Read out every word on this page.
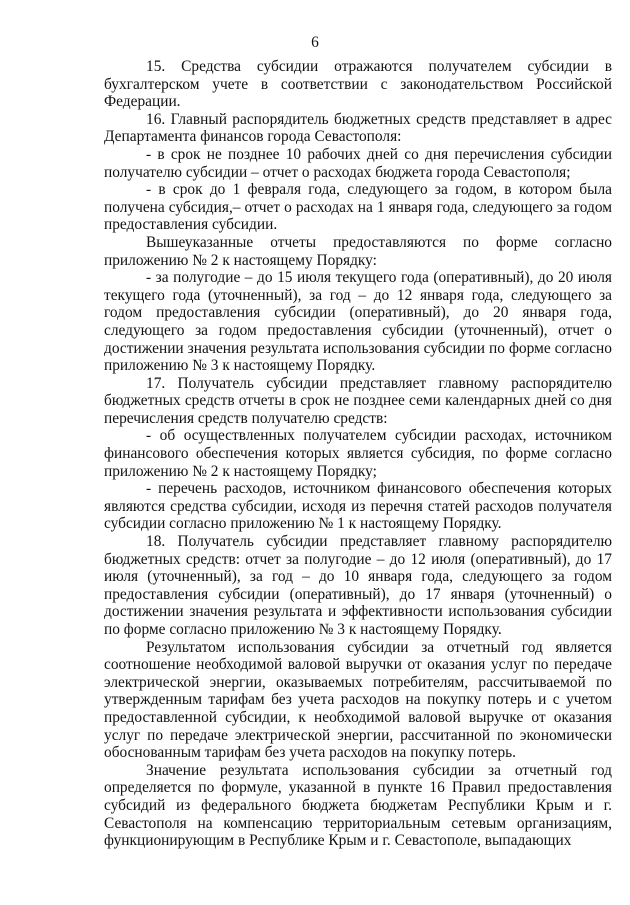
6

15. Средства субсидии отражаются получателем субсидии в бухгалтерском учете в соответствии с законодательством Российской Федерации.

16. Главный распорядитель бюджетных средств представляет в адрес Департамента финансов города Севастополя:

- в срок не позднее 10 рабочих дней со дня перечисления субсидии получателю субсидии – отчет о расходах бюджета города Севастополя;

- в срок до 1 февраля года, следующего за годом, в котором была получена субсидия,– отчет о расходах на 1 января года, следующего за годом предоставления субсидии.

Вышеуказанные отчеты предоставляются по форме согласно приложению № 2 к настоящему Порядку:

- за полугодие – до 15 июля текущего года (оперативный), до 20 июля текущего года (уточненный), за год – до 12 января года, следующего за годом предоставления субсидии (оперативный), до 20 января года, следующего за годом предоставления субсидии (уточненный), отчет о достижении значения результата использования субсидии по форме согласно приложению № 3 к настоящему Порядку.

17. Получатель субсидии представляет главному распорядителю бюджетных средств отчеты в срок не позднее семи календарных дней со дня перечисления средств получателю средств:

- об осуществленных получателем субсидии расходах, источником финансового обеспечения которых является субсидия, по форме согласно приложению № 2 к настоящему Порядку;

- перечень расходов, источником финансового обеспечения которых являются средства субсидии, исходя из перечня статей расходов получателя субсидии согласно приложению № 1 к настоящему Порядку.

18. Получатель субсидии представляет главному распорядителю бюджетных средств: отчет за полугодие – до 12 июля (оперативный), до 17 июля (уточненный), за год – до 10 января года, следующего за годом предоставления субсидии (оперативный), до 17 января (уточненный) о достижении значения результата и эффективности использования субсидии по форме согласно приложению № 3 к настоящему Порядку.

Результатом использования субсидии за отчетный год является соотношение необходимой валовой выручки от оказания услуг по передаче электрической энергии, оказываемых потребителям, рассчитываемой по утвержденным тарифам без учета расходов на покупку потерь и с учетом предоставленной субсидии, к необходимой валовой выручке от оказания услуг по передаче электрической энергии, рассчитанной по экономически обоснованным тарифам без учета расходов на покупку потерь.

Значение результата использования субсидии за отчетный год определяется по формуле, указанной в пункте 16 Правил предоставления субсидий из федерального бюджета бюджетам Республики Крым и г. Севастополя на компенсацию территориальным сетевым организациям, функционирующим в Республике Крым и г. Севастополе, выпадающих
